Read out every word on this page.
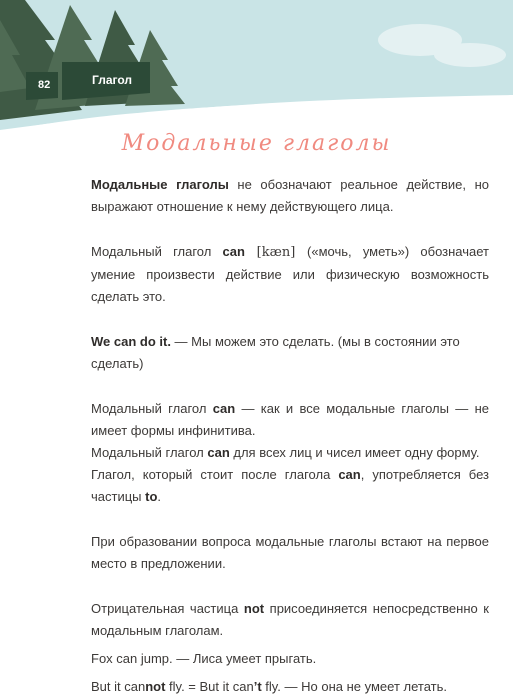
82	Глагол
Модальные глаголы

Модальные глаголы не обозначают реальное действие, но выражают отношение к нему действующего лица.

Модальный глагол can [kæn] («мочь, уметь») обозначает умение произвести действие или физическую возможность сделать это.

We can do it. — Мы можем это сделать. (мы в состоянии это сделать)

Модальный глагол can — как и все модальные глаголы — не имеет формы инфинитива.

Модальный глагол can для всех лиц и чисел имеет одну форму.

Глагол, который стоит после глагола can, употребляется без частицы to.

При образовании вопроса модальные глаголы встают на первое место в предложении.

Отрицательная частица not присоединяется непосредственно к модальным глаголам.

Fox can jump. — Лиса умеет прыгать.

But it cannot fly. = But it can’t fly. — Но она не умеет летать.
